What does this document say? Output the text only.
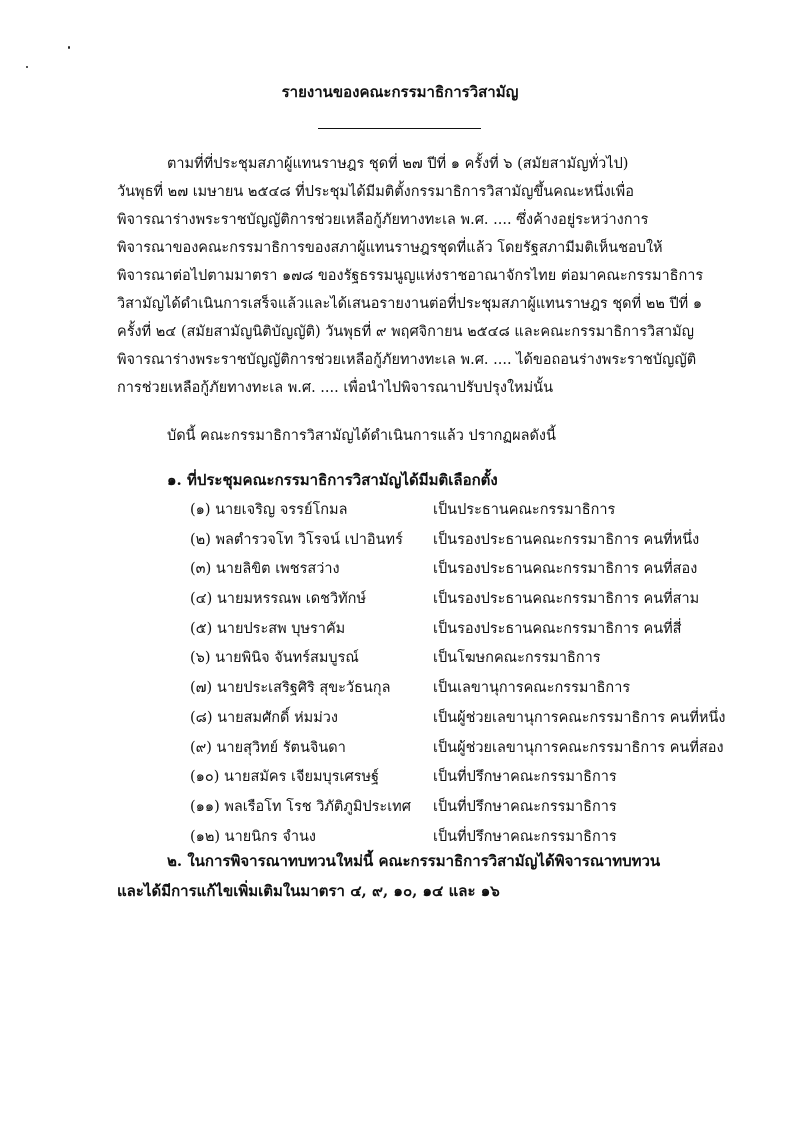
รายงานของคณะกรรมาธิการวิสามัญ
ตามที่ที่ประชุมสภาผู้แทนราษฎร ชุดที่ ๒๗ ปีที่ ๑ ครั้งที่ ๖ (สมัยสามัญทั่วไป)
วันพุธที่ ๒๗ เมษายน ๒๕๔๘ ที่ประชุมได้มีมติตั้งกรรมาธิการวิสามัญขึ้นคณะหนึ่งเพื่อ
พิจารณาร่างพระราชบัญญัติการช่วยเหลือกู้ภัยทางทะเล พ.ศ. .... ซึ่งค้างอยู่ระหว่างการ
พิจารณาของคณะกรรมาธิการของสภาผู้แทนราษฎรชุดที่แล้ว โดยรัฐสภามีมติเห็นชอบให้
พิจารณาต่อไปตามมาตรา ๑๗๘ ของรัฐธรรมนูญแห่งราชอาณาจักรไทย ต่อมาคณะกรรมาธิการ
วิสามัญได้ดำเนินการเสร็จแล้วและได้เสนอรายงานต่อที่ประชุมสภาผู้แทนราษฎร ชุดที่ ๒๒ ปีที่ ๑
ครั้งที่ ๒๔ (สมัยสามัญนิติบัญญัติ) วันพุธที่ ๙ พฤศจิกายน ๒๕๔๘ และคณะกรรมาธิการวิสามัญ
พิจารณาร่างพระราชบัญญัติการช่วยเหลือกู้ภัยทางทะเล พ.ศ. .... ได้ขอถอนร่างพระราชบัญญัติ
การช่วยเหลือกู้ภัยทางทะเล พ.ศ. .... เพื่อนำไปพิจารณาปรับปรุงใหม่นั้น
บัดนี้ คณะกรรมาธิการวิสามัญได้ดำเนินการแล้ว ปรากฏผลดังนี้
๑. ที่ประชุมคณะกรรมาธิการวิสามัญได้มีมติเลือกตั้ง
(๑) นายเจริญ จรรย์โกมล	เป็นประธานคณะกรรมาธิการ
(๒) พลตำรวจโท วิโรจน์ เปาอินทร์ เป็นรองประธานคณะกรรมาธิการ คนที่หนึ่ง
(๓) นายลิขิต เพชรสว่าง	เป็นรองประธานคณะกรรมาธิการ คนที่สอง
(๔) นายมหรรณพ เดชวิทักษ์	เป็นรองประธานคณะกรรมาธิการ คนที่สาม
(๕) นายประสพ บุษราคัม	เป็นรองประธานคณะกรรมาธิการ คนที่สี่
(๖) นายพินิจ จันทร์สมบูรณ์	เป็นโฆษกคณะกรรมาธิการ
(๗) นายประเสริฐศิริ สุขะวัธนกุล	เป็นเลขานุการคณะกรรมาธิการ
(๘) นายสมศักดิ์ ห่มม่วง	เป็นผู้ช่วยเลขานุการคณะกรรมาธิการ คนที่หนึ่ง
(๙) นายสุวิทย์ รัตนจินดา	เป็นผู้ช่วยเลขานุการคณะกรรมาธิการ คนที่สอง
(๑๐) นายสมัคร เจียมบุรเศรษฐ์	เป็นที่ปรึกษาคณะกรรมาธิการ
(๑๑) พลเรือโท โรช วิภัติภูมิประเทศ เป็นที่ปรึกษาคณะกรรมาธิการ
(๑๒) นายนิกร จำนง	เป็นที่ปรึกษาคณะกรรมาธิการ
๒. ในการพิจารณาทบทวนใหม่นี้ คณะกรรมาธิการวิสามัญได้พิจารณาทบทวน
และได้มีการแก้ไขเพิ่มเติมในมาตรา ๔, ๙, ๑๐, ๑๔ และ ๑๖
